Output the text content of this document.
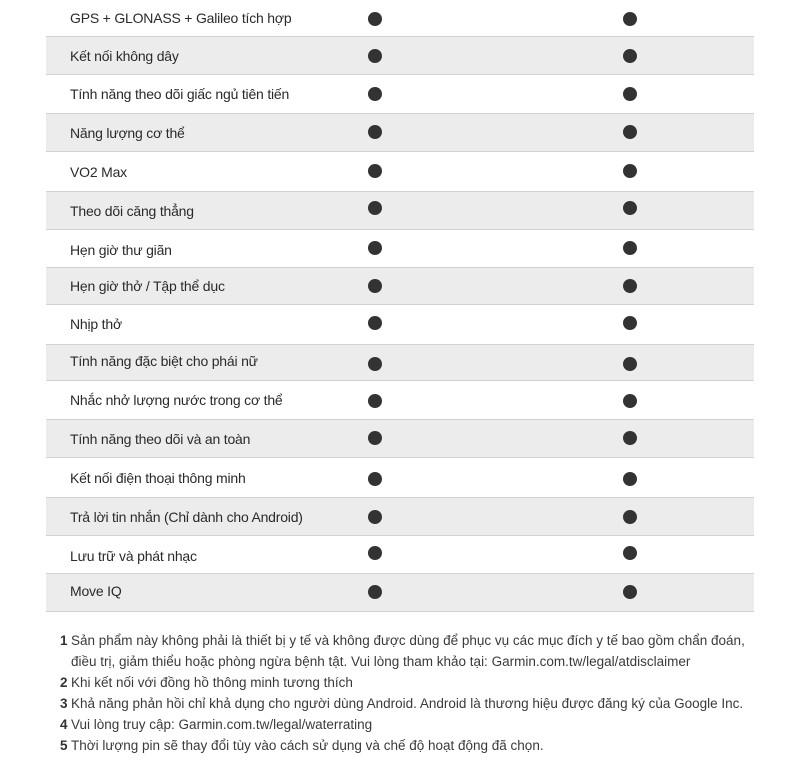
GPS + GLONASS + Galileo tích hợp
Kết nối không dây
Tính năng theo dõi giấc ngủ tiên tiến
Năng lượng cơ thể
VO2 Max
Theo dõi căng thẳng
Hẹn giờ thư giãn
Hẹn giờ thở / Tập thể dục
Nhịp thở
Tính năng đặc biệt cho phái nữ
Nhắc nhở lượng nước trong cơ thể
Tính năng theo dõi và an toàn
Kết nối điện thoại thông minh
Trả lời tin nhắn (Chỉ dành cho Android)
Lưu trữ và phát nhạc
Move IQ
1 Sản phẩm này không phải là thiết bị y tế và không được dùng để phục vụ các mục đích y tế bao gồm chẩn đoán, điều trị, giảm thiểu hoặc phòng ngừa bệnh tật. Vui lòng tham khảo tại: Garmin.com.tw/legal/atdisclaimer
2 Khi kết nối với đồng hồ thông minh tương thích
3 Khả năng phản hồi chỉ khả dụng cho người dùng Android. Android là thương hiệu được đăng ký của Google Inc.
4 Vui lòng truy cập: Garmin.com.tw/legal/waterrating
5 Thời lượng pin sẽ thay đổi tùy vào cách sử dụng và chế độ hoạt động đã chọn.
